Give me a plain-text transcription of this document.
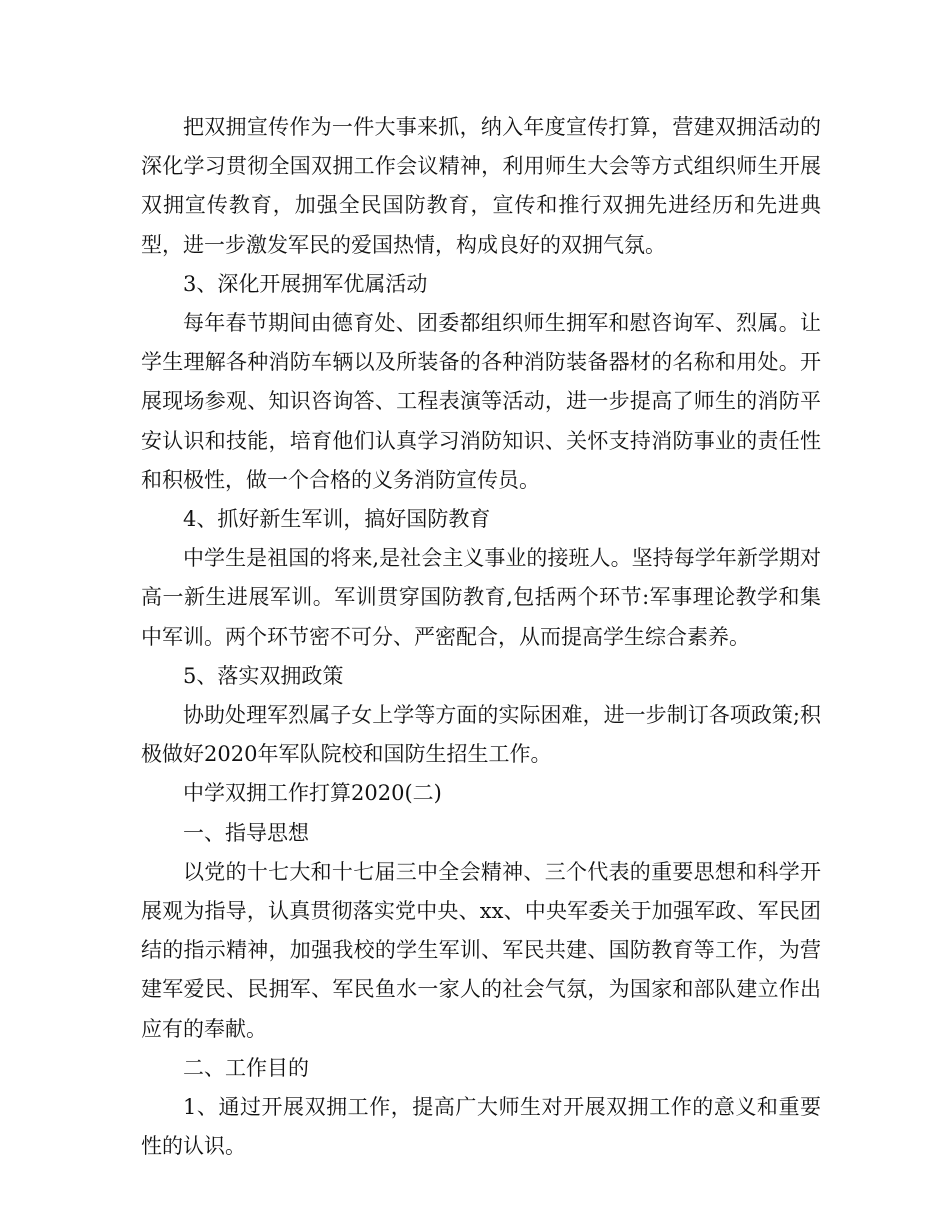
把双拥宣传作为一件大事来抓，纳入年度宣传打算，营建双拥活动的深化学习贯彻全国双拥工作会议精神，利用师生大会等方式组织师生开展双拥宣传教育，加强全民国防教育，宣传和推行双拥先进经历和先进典型，进一步激发军民的爱国热情，构成良好的双拥气氛。

3、深化开展拥军优属活动

每年春节期间由德育处、团委都组织师生拥军和慰咨询军、烈属。让学生理解各种消防车辆以及所装备的各种消防装备器材的名称和用处。开展现场参观、知识咨询答、工程表演等活动，进一步提高了师生的消防平安认识和技能，培育他们认真学习消防知识、关怀支持消防事业的责任性和积极性，做一个合格的义务消防宣传员。

4、抓好新生军训，搞好国防教育

中学生是祖国的将来,是社会主义事业的接班人。坚持每学年新学期对高一新生进展军训。军训贯穿国防教育,包括两个环节:军事理论教学和集中军训。两个环节密不可分、严密配合，从而提高学生综合素养。

5、落实双拥政策

协助处理军烈属子女上学等方面的实际困难，进一步制订各项政策;积极做好2020年军队院校和国防生招生工作。

中学双拥工作打算2020(二)

一、指导思想

以党的十七大和十七届三中全会精神、三个代表的重要思想和科学开展观为指导，认真贯彻落实党中央、xx、中央军委关于加强军政、军民团结的指示精神，加强我校的学生军训、军民共建、国防教育等工作，为营建军爱民、民拥军、军民鱼水一家人的社会气氛，为国家和部队建立作出应有的奉献。

二、工作目的

1、通过开展双拥工作，提高广大师生对开展双拥工作的意义和重要性的认识。
